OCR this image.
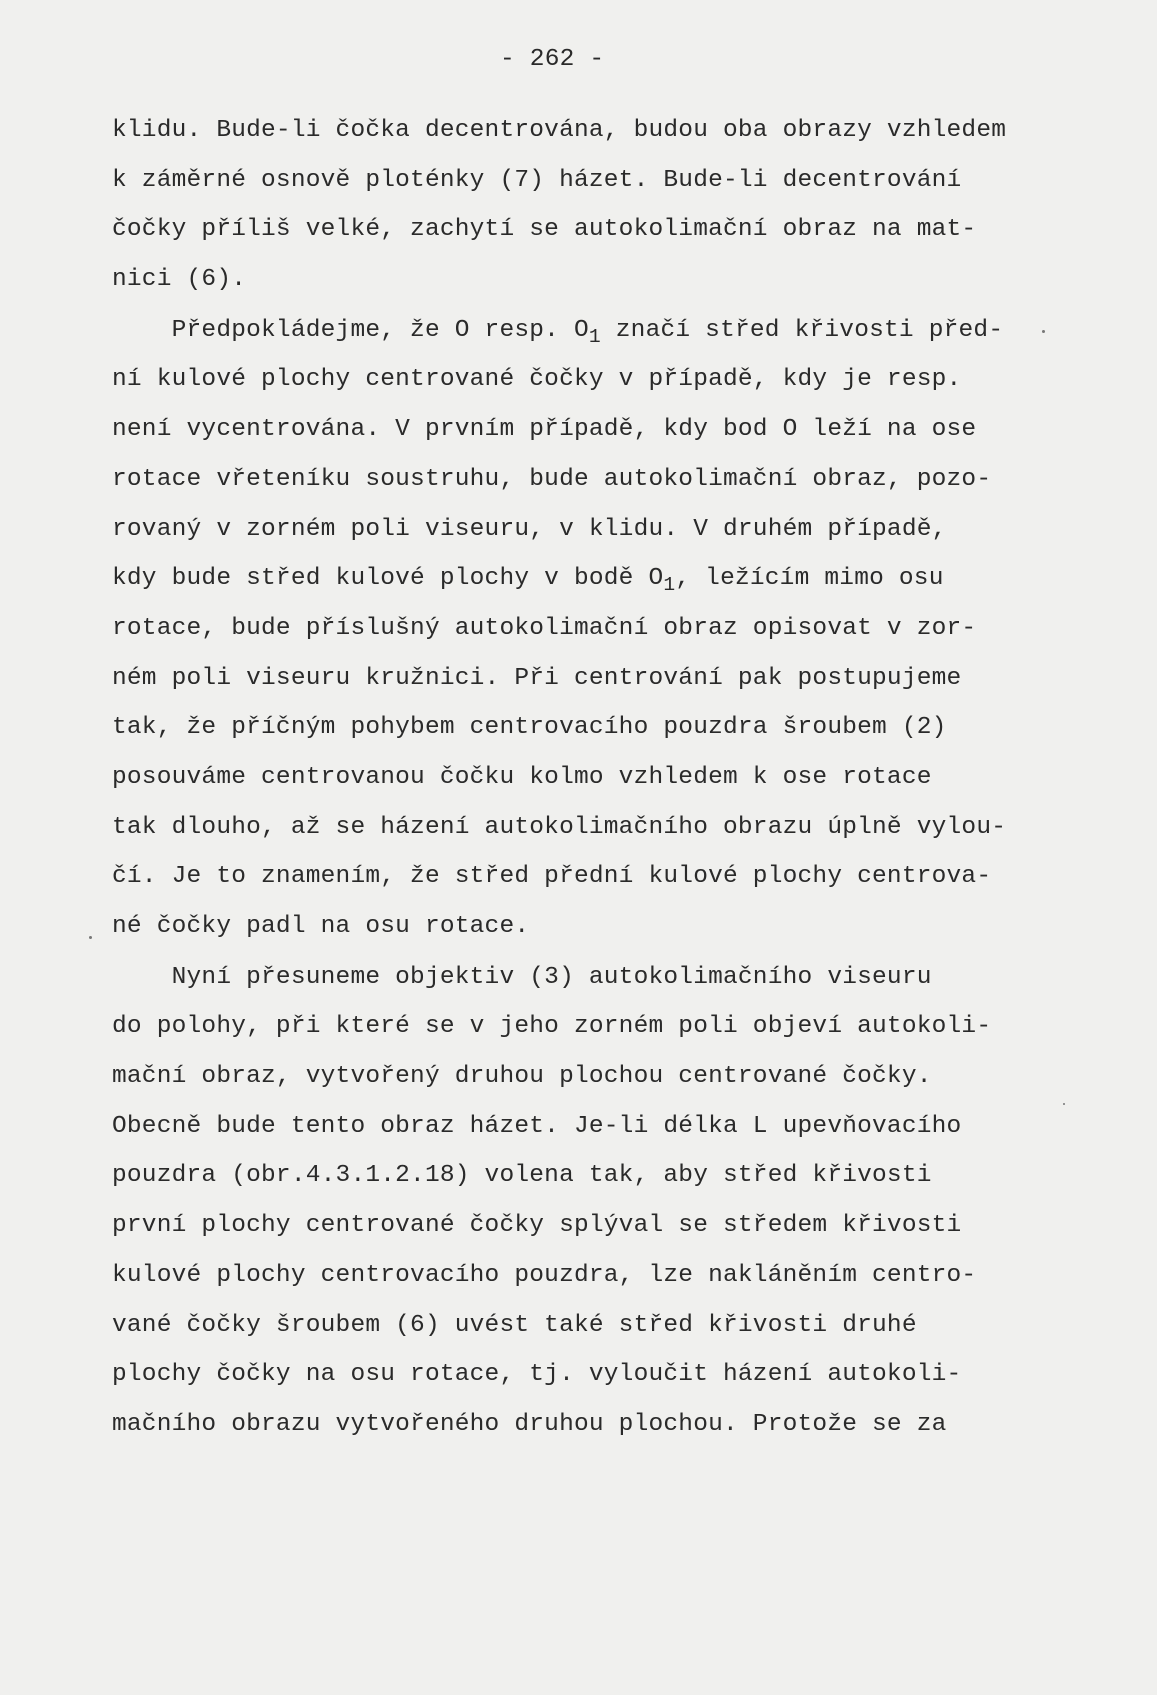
- 262 -
klidu. Bude-li čočka decentrována, budou oba obrazy vzhledem
k záměrné osnově ploténky (7) házet. Bude-li decentrování
čočky příliš velké, zachytí se autokolimační obraz na mat-
nici (6).
Předpokládejme, že O resp. $O_1$ značí střed křivosti před-
ní kulové plochy centrované čočky v případě, kdy je resp.
není vycentrována. V prvním případě, kdy bod O leží na ose
rotace vřeteníku soustruhu, bude autokolimační obraz, pozo-
rovaný v zorném poli viseuru, v klidu. V druhém případě,
kdy bude střed kulové plochy v bodě $O_1$, ležícím mimo osu
rotace, bude příslušný autokolimační obraz opisovat v zor-
ném poli viseuru kružnici. Při centrování pak postupujeme
tak, že příčným pohybem centrovacího pouzdra šroubem (2)
posouváme centrovanou čočku kolmo vzhledem k ose rotace
tak dlouho, až se házení autokolimačního obrazu úplně vylou-
čí. Je to znamením, že střed přední kulové plochy centrova-
né čočky padl na osu rotace.
Nyní přesuneme objektiv (3) autokolimačního viseuru
do polohy, při které se v jeho zorném poli objeví autokoli-
mační obraz, vytvořený druhou plochou centrované čočky.
Obecně bude tento obraz házet. Je-li délka L upevňovacího
pouzdra (obr.4.3.1.2.18) volena tak, aby střed křivosti
první plochy centrované čočky splýval se středem křivosti
kulové plochy centrovacího pouzdra, lze nakláněním centro-
vané čočky šroubem (6) uvést také střed křivosti druhé
plochy čočky na osu rotace, tj. vyloučit házení autokoli-
mačního obrazu vytvořeného druhou plochou. Protože se za
